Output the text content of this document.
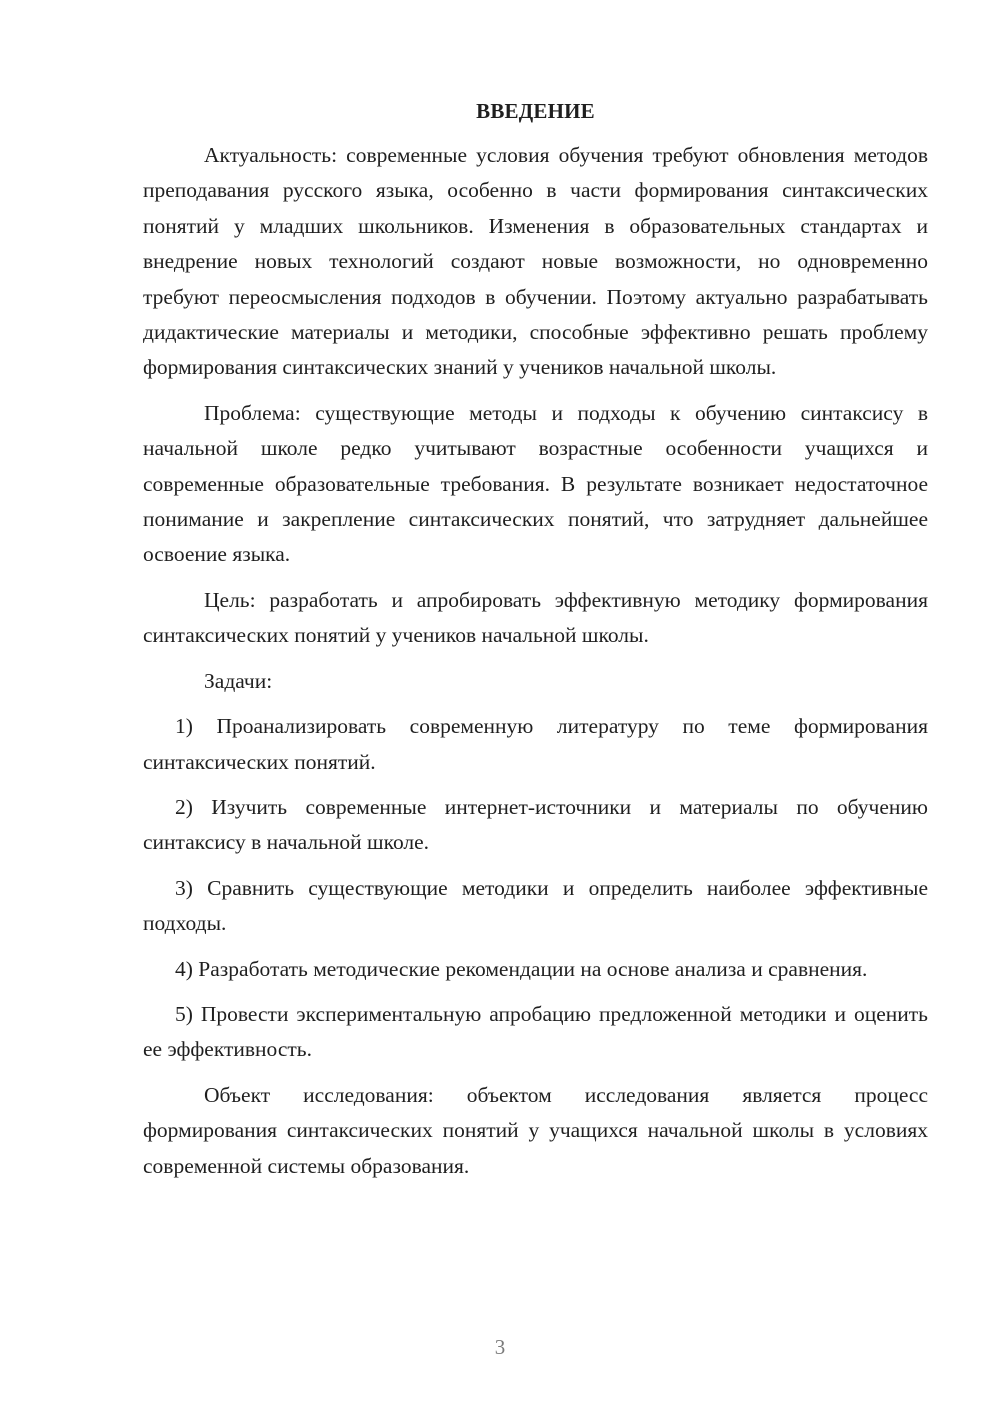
ВВЕДЕНИЕ

Актуальность: современные условия обучения требуют обновления методов преподавания русского языка, особенно в части формирования синтаксических понятий у младших школьников. Изменения в образовательных стандартах и внедрение новых технологий создают новые возможности, но одновременно требуют переосмысления подходов в обучении. Поэтому актуально разрабатывать дидактические материалы и методики, способные эффективно решать проблему формирования синтаксических знаний у учеников начальной школы.

Проблема: существующие методы и подходы к обучению синтаксису в начальной школе редко учитывают возрастные особенности учащихся и современные образовательные требования. В результате возникает недостаточное понимание и закрепление синтаксических понятий, что затрудняет дальнейшее освоение языка.

Цель: разработать и апробировать эффективную методику формирования синтаксических понятий у учеников начальной школы.

Задачи:

1) Проанализировать современную литературу по теме формирования синтаксических понятий.

2) Изучить современные интернет-источники и материалы по обучению синтаксису в начальной школе.

3) Сравнить существующие методики и определить наиболее эффективные подходы.

4) Разработать методические рекомендации на основе анализа и сравнения.

5) Провести экспериментальную апробацию предложенной методики и оценить ее эффективность.

Объект исследования: объектом исследования является процесс формирования синтаксических понятий у учащихся начальной школы в условиях современной системы образования.

3
